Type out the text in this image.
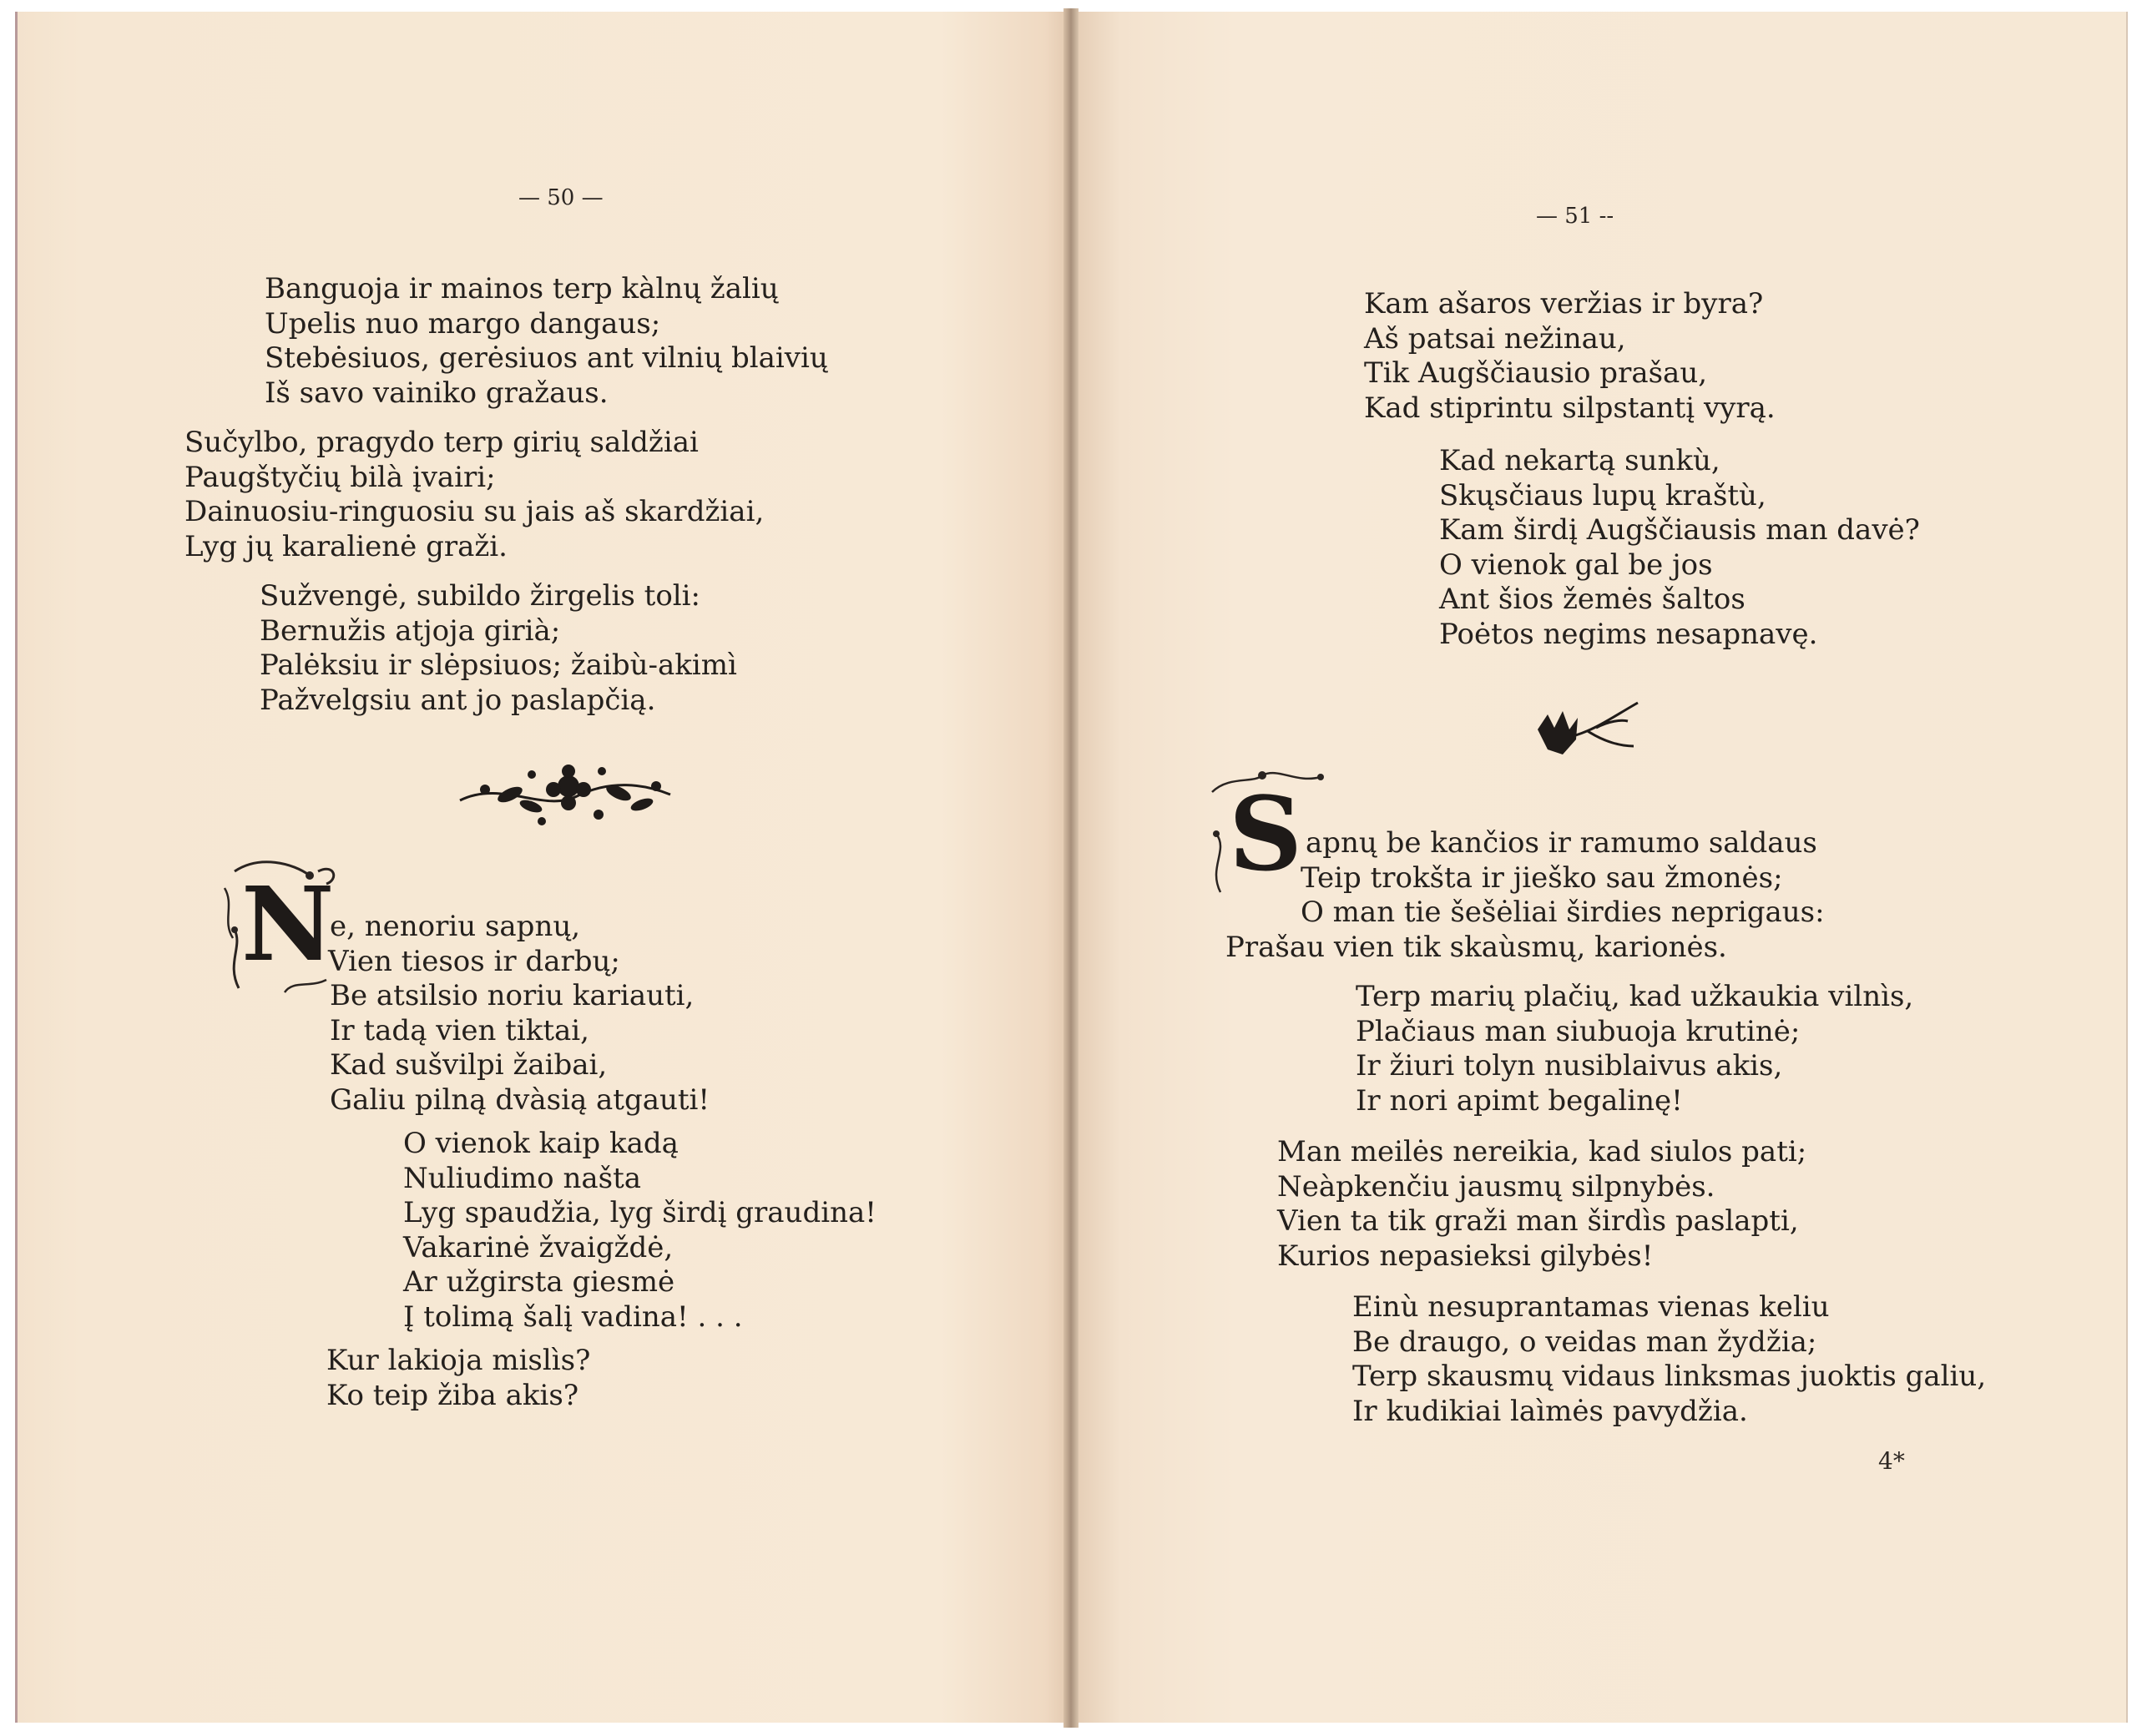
— 50 —
Banguoja ir mainos terp kàlnų žalių
Upelis nuo margo dangaus;
Stebėsiuos, gerėsiuos ant vilnių blaivių
Iš savo vainiko gražaus.
Sučylbo, pragydo terp girių saldžiai
Paugštyčių bilà įvairi;
Dainuosiu-ringuosiu su jais aš skardžiai,
Lyg jų karalienė graži.
Sužvengė, subildo žirgelis toli:
Bernužis atjoja girià;
Palėksiu ir slėpsiuos; žaibù-akimì
Pažvelgsiu ant jo paslapčią.
N
e, nenoriu sapnų,
Vien tiesos ir darbų;
Be atsilsio noriu kariauti,
Ir tadą vien tiktai,
Kad sušvilpi žaibai,
Galiu pilną dvàsią atgauti!
O vienok kaip kadą
Nuliudimo našta
Lyg spaudžia, lyg širdį graudina!
Vakarinė žvaigždė,
Ar užgirsta giesmė
Į tolimą šalį vadina! . . .
Kur lakioja mislìs?
Ko teip žiba akis?
— 51 --
Kam ašaros veržias ir byra?
Aš patsai nežinau,
Tik Augščiausio prašau,
Kad stiprintu silpstantį vyrą.
Kad nekartą sunkù,
Skųsčiaus lupų kraštù,
Kam širdį Augščiausis man davė?
O vienok gal be jos
Ant šios žemės šaltos
Poėtos negims nesapnavę.
S apnų be kančios ir ramumo saldaus
Teip trokšta ir jieško sau žmonės;
O man tie šešėliai širdies neprigaus:
Prašau vien tik skaùsmų, karionės.
Terp marių plačių, kad užkaukia vilnìs,
Plačiaus man siubuoja krutinė;
Ir žiuri tolyn nusiblaivus akis,
Ir nori apimt begalinę!
Man meilės nereikia, kad siulos pati;
Neàpkenčiu jausmų silpnybės.
Vien ta tik graži man širdìs paslapti,
Kurios nepasieksi gilybės!
Einù nesuprantamas vienas keliu
Be draugo, o veidas man žydžia;
Terp skausmų vidaus linksmas juoktis galiu,
Ir kudikiai laìmės pavydžia.
4*
